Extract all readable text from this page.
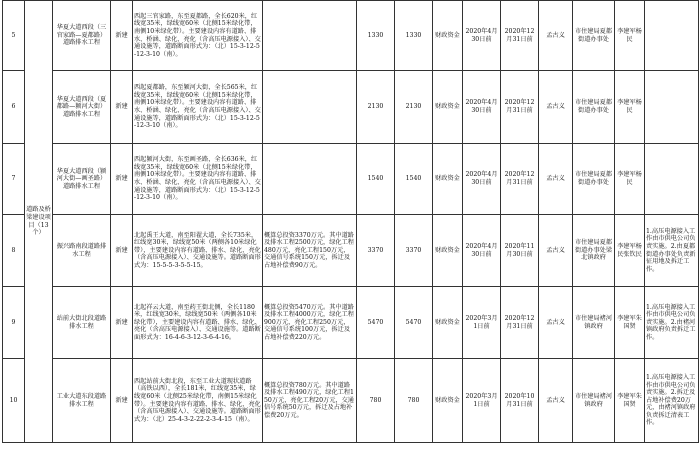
5	道路及桥梁建设项目（13个）	华夏大道西段（三官家路—夏都路）道路排水工程	新建	西起三官家路，东至夏都路，全长620米，红线宽35米，绿线宽60米（北侧15米绿化带，南侧10米绿化带）。主要建设内容有道路、排水、桥涵、绿化、亮化（含高压电源接入）、交通设施等，道路断面形式为：（北）15-3-12-5-12-3-10（南）。		1330	1330	财政资金	2020年4月30日前	2020年12月31日前	孟古义	市住建局夏都街道办事处	李建军杨民	
6		华夏大道西段（夏都路—颍河大街）道路排水工程	新建	西起夏都路，东至颍河大街，全长565米，红线宽35米，绿线宽60米（北侧15米绿化带，南侧10米绿化带）。主要建设内容有道路、排水、桥涵、绿化、亮化（含高压电源接入）、交通设施等，道路断面形式为：（北）15-3-12-5-12-3-10（南）。		2130	2130	财政资金	2020年4月30日前	2020年12月31日前	孟古义	市住建局夏都街道办事处	李建军杨民	
7		华夏大道西段（颍河大街—画圣路）道路排水工程	新建	西起颍河大街，东至画圣路，全长636米，红线宽35米，绿线宽60米（北侧15米绿化带，南侧10米绿化带）。主要建设内容有道路、排水、桥涵、绿化、亮化（含高压电源接入）、交通设施等，道路断面形式为：（北）15-3-12-5-12-3-10（南）。		1540	1540	财政资金	2020年4月30日前	2020年12月31日前	孟古义	市住建局夏都街道办事处	李建军杨民	
8		振兴路南段道路排水工程	新建	北起禹王大道，南至阳翟大道，全长735米，红线宽30米，绿线宽50米（两侧各10米绿化带），主要建设内容有道路、排水、绿化、亮化（含高压电源接入）、交通设施等。道路断面形式为：15-5-5-3-5-5-15。	概算总投资3370万元。其中道路及排水工程2500万元，绿化工程480万元，亮化工程150万元，交通信号系统150万元，拆迁及占地补偿费90万元。	3370	3370	财政资金	2020年4月30日前	2020年11月30日前	孟古义	市住建局夏都街道办事处梁北镇政府	李建军杨民张钦民	1.高压电源接入工作由市供电公司负责实施。2.由夏都街道办事处负责新征用地及拆迁工作。
9		站前大街北段道路排水工程	新建	北起祥云大道，南至药王街北侧，全长1180米，红线宽30米，绿线宽50米（两侧各10米绿化带），主要建设内容有道路、排水、绿化、亮化（含高压电源接入）、交通设施等。道路断面形式为：16-4-6-3-12-3-6-4-16。	概算总投资5470万元。其中道路及排水工程4000万元，绿化工程900万元，亮化工程250万元，交通信号系统100万元，拆迁及占地补偿费220万元。	5470	5470	财政资金	2020年3月1日前	2020年12月31日前	孟古义	市住建局褚河镇政府	李建军朱国贤	1.高压电源接入工作由市供电公司负责实施。2.由褚河镇政府负责拆迁工作。
10		工业大道东段道路排水工程	新建	西起站前大街北段，东至工业大道现状道路（高铁以西），全长181米，红线宽35米，绿线宽60米（北侧25米绿化带，南侧15米绿化带）。主要建设内容有道路、排水、绿化、亮化（含高压电源接入）、交通设施等。道路断面形式为：（北）25-4-3-2-22-2-3-4-15（南）。	概算总投资780万元。其中道路及排水工程490万元，绿化工程150万元，亮化工程20万元，交通信号系统50万元，拆迁及占地补偿费20万元。	780	780	财政资金	2020年3月1日前	2020年10月31日前	孟古义	市住建局褚河镇政府	李建军朱国贤	1.高压电源接入工作由市供电公司负责实施。2.拆迁及占地补偿费20万元，由褚河镇政府负责拆迁清表工作。
